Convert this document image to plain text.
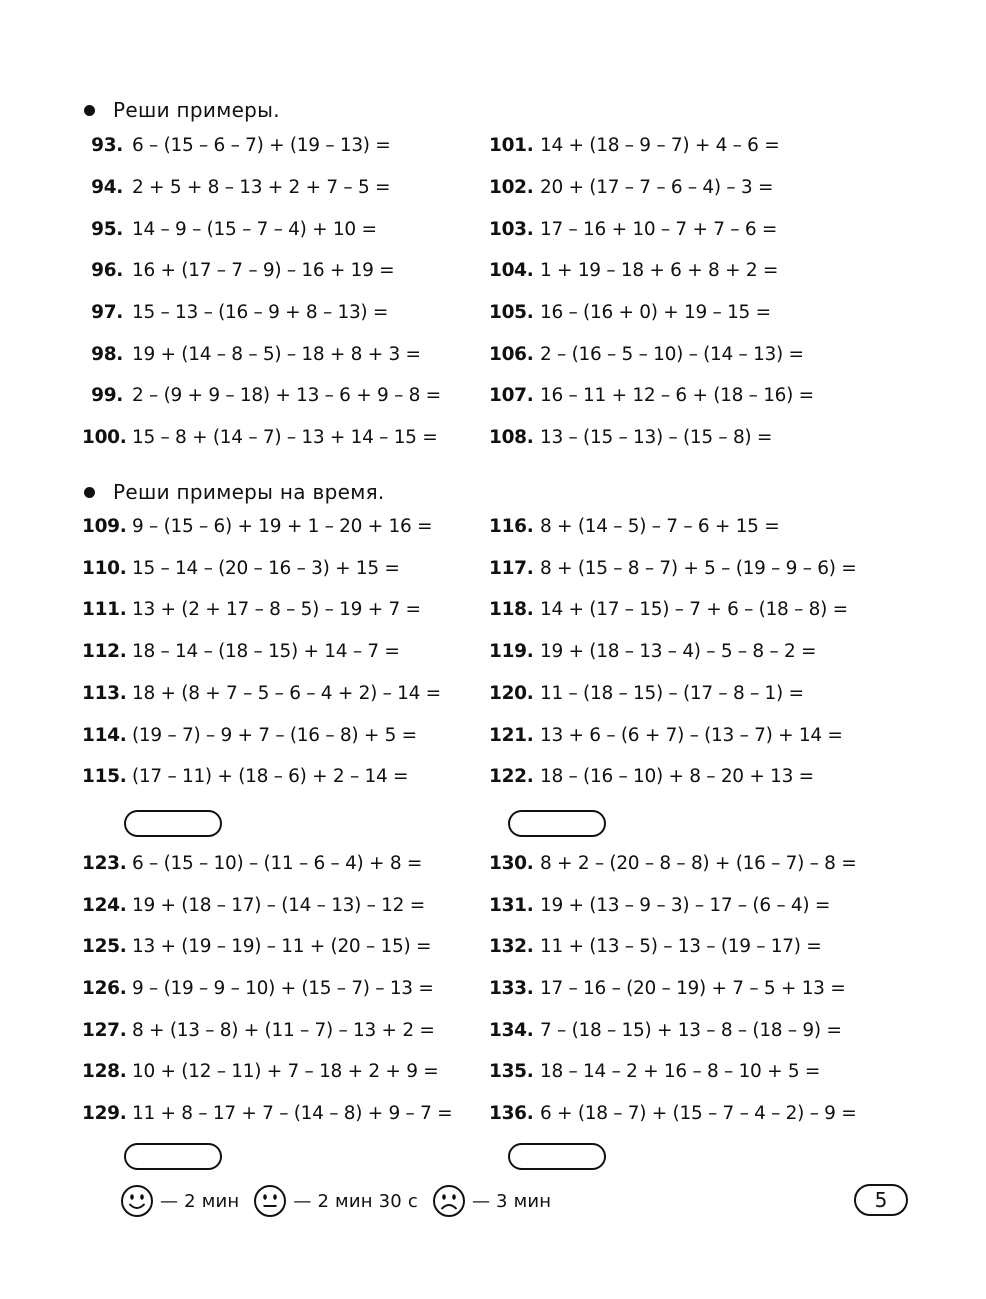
Реши примеры.
93. 6 – (15 – 6 – 7) + (19 – 13) =
94. 2 + 5 + 8 – 13 + 2 + 7 – 5 =
95. 14 – 9 – (15 – 7 – 4) + 10 =
96. 16 + (17 – 7 – 9) – 16 + 19 =
97. 15 – 13 – (16 – 9 + 8 – 13) =
98. 19 + (14 – 8 – 5) – 18 + 8 + 3 =
99. 2 – (9 + 9 – 18) + 13 – 6 + 9 – 8 =
100. 15 – 8 + (14 – 7) – 13 + 14 – 15 =
101. 14 + (18 – 9 – 7) + 4 – 6 =
102. 20 + (17 – 7 – 6 – 4) – 3 =
103. 17 – 16 + 10 – 7 + 7 – 6 =
104. 1 + 19 – 18 + 6 + 8 + 2 =
105. 16 – (16 + 0) + 19 – 15 =
106. 2 – (16 – 5 – 10) – (14 – 13) =
107. 16 – 11 + 12 – 6 + (18 – 16) =
108. 13 – (15 – 13) – (15 – 8) =
Реши примеры на время.
109. 9 – (15 – 6) + 19 + 1 – 20 + 16 =
110. 15 – 14 – (20 – 16 – 3) + 15 =
111. 13 + (2 + 17 – 8 – 5) – 19 + 7 =
112. 18 – 14 – (18 – 15) + 14 – 7 =
113. 18 + (8 + 7 – 5 – 6 – 4 + 2) – 14 =
114. (19 – 7) – 9 + 7 – (16 – 8) + 5 =
115. (17 – 11) + (18 – 6) + 2 – 14 =
116. 8 + (14 – 5) – 7 – 6 + 15 =
117. 8 + (15 – 8 – 7) + 5 – (19 – 9 – 6) =
118. 14 + (17 – 15) – 7 + 6 – (18 – 8) =
119. 19 + (18 – 13 – 4) – 5 – 8 – 2 =
120. 11 – (18 – 15) – (17 – 8 – 1) =
121. 13 + 6 – (6 + 7) – (13 – 7) + 14 =
122. 18 – (16 – 10) + 8 – 20 + 13 =
123. 6 – (15 – 10) – (11 – 6 – 4) + 8 =
124. 19 + (18 – 17) – (14 – 13) – 12 =
125. 13 + (19 – 19) – 11 + (20 – 15) =
126. 9 – (19 – 9 – 10) + (15 – 7) – 13 =
127. 8 + (13 – 8) + (11 – 7) – 13 + 2 =
128. 10 + (12 – 11) + 7 – 18 + 2 + 9 =
129. 11 + 8 – 17 + 7 – (14 – 8) + 9 – 7 =
130. 8 + 2 – (20 – 8 – 8) + (16 – 7) – 8 =
131. 19 + (13 – 9 – 3) – 17 – (6 – 4) =
132. 11 + (13 – 5) – 13 – (19 – 17) =
133. 17 – 16 – (20 – 19) + 7 – 5 + 13 =
134. 7 – (18 – 15) + 13 – 8 – (18 – 9) =
135. 18 – 14 – 2 + 16 – 8 – 10 + 5 =
136. 6 + (18 – 7) + (15 – 7 – 4 – 2) – 9 =
— 2 мин	— 2 мин 30 с	— 3 мин	5
